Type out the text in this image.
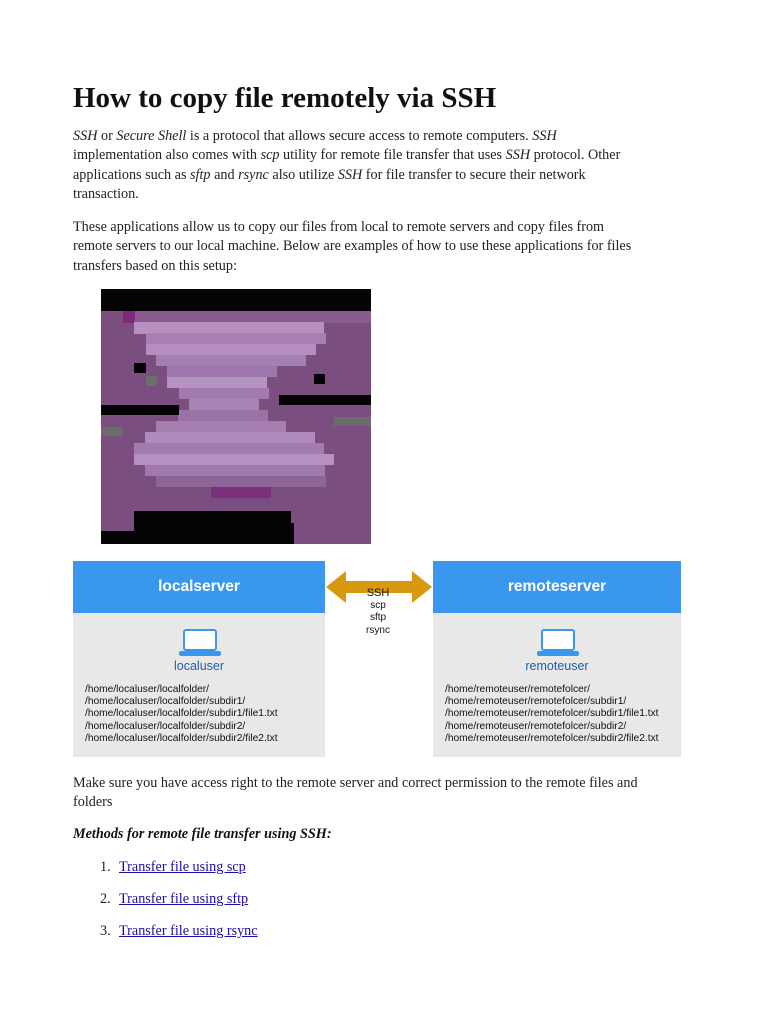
How to copy file remotely via SSH

SSH or Secure Shell is a protocol that allows secure access to remote computers. SSH
implementation also comes with scp utility for remote file transfer that uses SSH protocol. Other
applications such as sftp and rsync also utilize SSH for file transfer to secure their network
transaction.

These applications allow us to copy our files from local to remote servers and copy files from
remote servers to our local machine. Below are examples of how to use these applications for files
transfers based on this setup:

Make sure you have access right to the remote server and correct permission to the remote files and
folders

Methods for remote file transfer using SSH:

1. Transfer file using scp
2. Transfer file using sftp
3. Transfer file using rsync
localserver
localuser
/home/localuser/localfolder/
/home/localuser/localfolder/subdir1/
/home/localuser/localfolder/subdir1/file1.txt
/home/localuser/localfolder/subdir2/
/home/localuser/localfolder/subdir2/file2.txt
SSH
scp
sftp
rsync
remoteserver
remoteuser
/home/remoteuser/remotefolcer/
/home/remoteuser/remotefolcer/subdir1/
/home/remoteuser/remotefolcer/subdir1/file1.txt
/home/remoteuser/remotefolcer/subdir2/
/home/remoteuser/remotefolcer/subdir2/file2.txt
